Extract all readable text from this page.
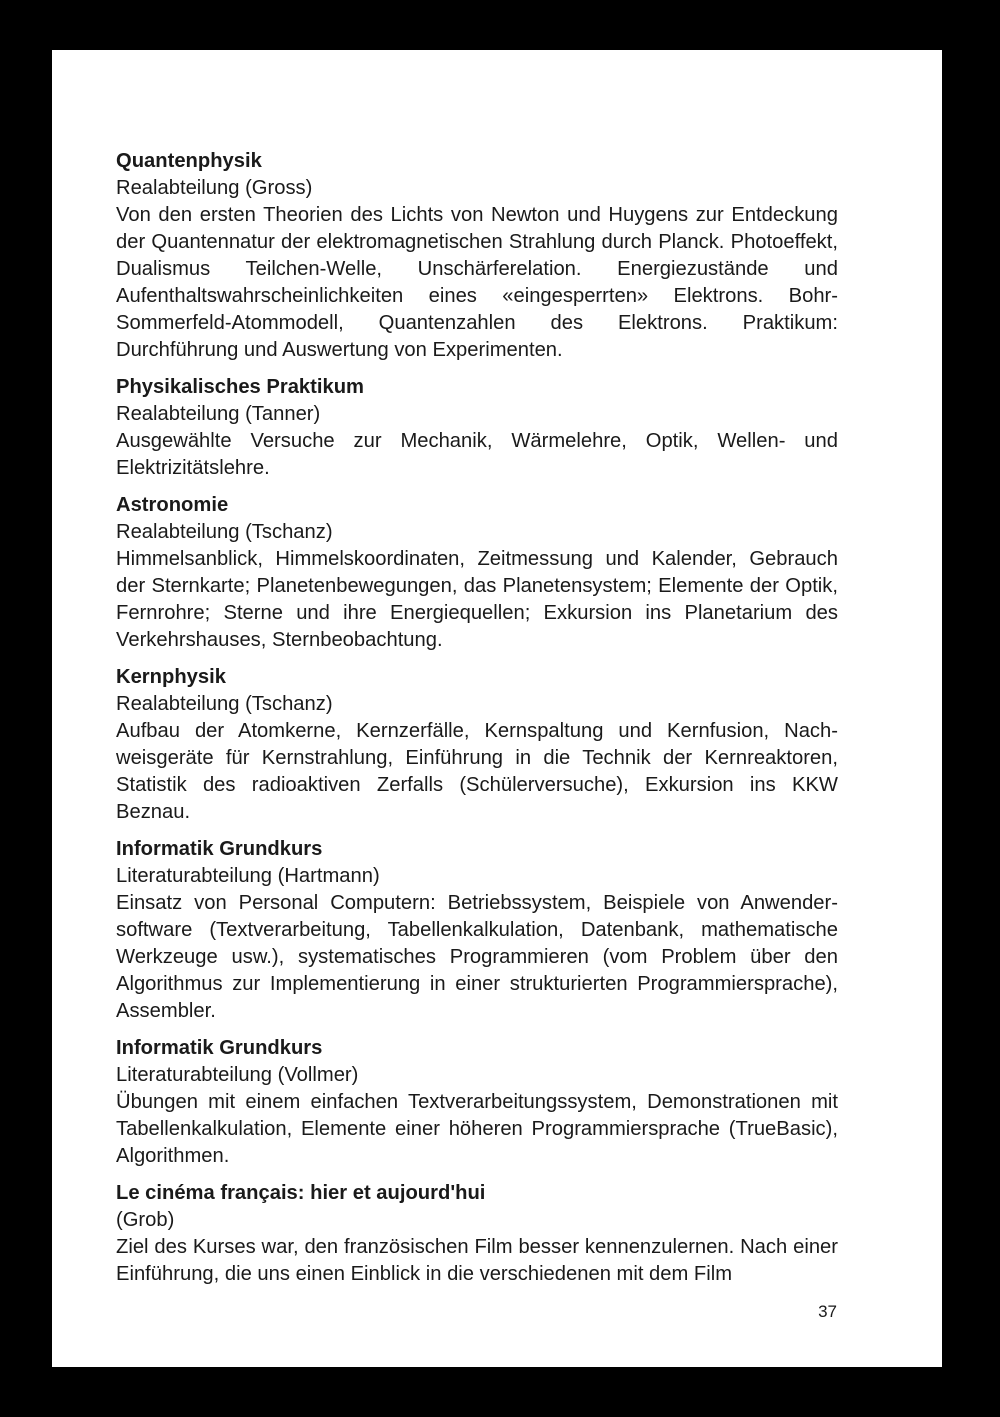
Quantenphysik
Realabteilung (Gross)
Von den ersten Theorien des Lichts von Newton und Huygens zur Entdeckung der Quantennatur der elektromagnetischen Strahlung durch Planck. Photoeffekt, Dualismus Teilchen-Welle, Unschärferelation. Energiezustände und Aufenthaltswahrscheinlichkeiten eines «eingesperrten» Elektrons. Bohr-Sommerfeld-Atommodell, Quantenzahlen des Elektrons. Praktikum: Durchführung und Auswertung von Experimenten.
Physikalisches Praktikum
Realabteilung (Tanner)
Ausgewählte Versuche zur Mechanik, Wärmelehre, Optik, Wellen- und Elektrizitätslehre.
Astronomie
Realabteilung (Tschanz)
Himmelsanblick, Himmelskoordinaten, Zeitmessung und Kalender, Gebrauch der Sternkarte; Planetenbewegungen, das Planetensystem; Elemente der Optik, Fernrohre; Sterne und ihre Energiequellen; Exkursion ins Planetarium des Verkehrshauses, Sternbeobachtung.
Kernphysik
Realabteilung (Tschanz)
Aufbau der Atomkerne, Kernzerfälle, Kernspaltung und Kernfusion, Nachweisgeräte für Kernstrahlung, Einführung in die Technik der Kernreaktoren, Statistik des radioaktiven Zerfalls (Schülerversuche), Exkursion ins KKW Beznau.
Informatik Grundkurs
Literaturabteilung (Hartmann)
Einsatz von Personal Computern: Betriebssystem, Beispiele von Anwendersoftware (Textverarbeitung, Tabellenkalkulation, Datenbank, mathematische Werkzeuge usw.), systematisches Programmieren (vom Problem über den Algorithmus zur Implementierung in einer strukturierten Programmiersprache), Assembler.
Informatik Grundkurs
Literaturabteilung (Vollmer)
Übungen mit einem einfachen Textverarbeitungssystem, Demonstrationen mit Tabellenkalkulation, Elemente einer höheren Programmiersprache (TrueBasic), Algorithmen.
Le cinéma français: hier et aujourd'hui
(Grob)
Ziel des Kurses war, den französischen Film besser kennenzulernen. Nach einer Einführung, die uns einen Einblick in die verschiedenen mit dem Film
37
